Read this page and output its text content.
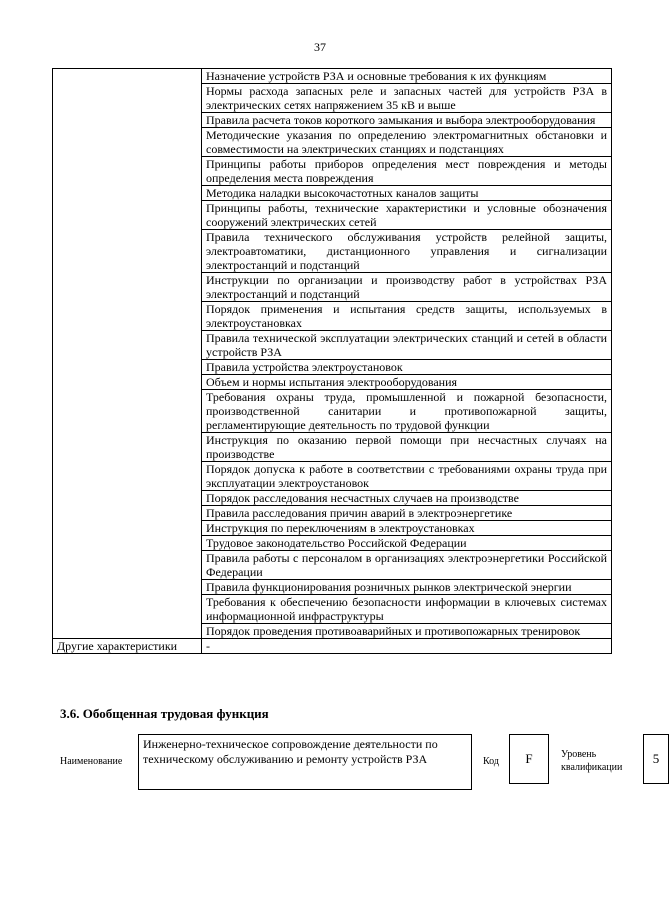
37
	Назначение устройств РЗА и основные требования к их функциям
	Нормы расхода запасных реле и запасных частей для устройств РЗА в электрических сетях напряжением 35 кВ и выше
	Правила расчета токов короткого замыкания и выбора электрооборудования
	Методические указания по определению электромагнитных обстановки и совместимости на электрических станциях и подстанциях
	Принципы работы приборов определения мест повреждения и методы определения места повреждения
	Методика наладки высокочастотных каналов защиты
	Принципы работы, технические характеристики и условные обозначения сооружений электрических сетей
	Правила технического обслуживания устройств релейной защиты, электроавтоматики, дистанционного управления и сигнализации электростанций и подстанций
	Инструкции по организации и производству работ в устройствах РЗА электростанций и подстанций
	Порядок применения и испытания средств защиты, используемых в электроустановках
	Правила технической эксплуатации электрических станций и сетей в области устройств РЗА
	Правила устройства электроустановок
	Объем и нормы испытания электрооборудования
	Требования охраны труда, промышленной и пожарной безопасности, производственной санитарии и противопожарной защиты, регламентирующие деятельность по трудовой функции
	Инструкция по оказанию первой помощи при несчастных случаях на производстве
	Порядок допуска к работе в соответствии с требованиями охраны труда при эксплуатации электроустановок
	Порядок расследования несчастных случаев на производстве
	Правила расследования причин аварий в электроэнергетике
	Инструкция по переключениям в электроустановках
	Трудовое законодательство Российской Федерации
	Правила работы с персоналом в организациях электроэнергетики Российской Федерации
	Правила функционирования розничных рынков электрической энергии
	Требования к обеспечению безопасности информации в ключевых системах информационной инфраструктуры
	Порядок проведения противоаварийных и противопожарных тренировок
Другие характеристики	-
3.6. Обобщенная трудовая функция
Наименование
Инженерно-техническое сопровождение деятельности по техническому обслуживанию и ремонту устройств РЗА	Код	F	Уровень квалификации
5
